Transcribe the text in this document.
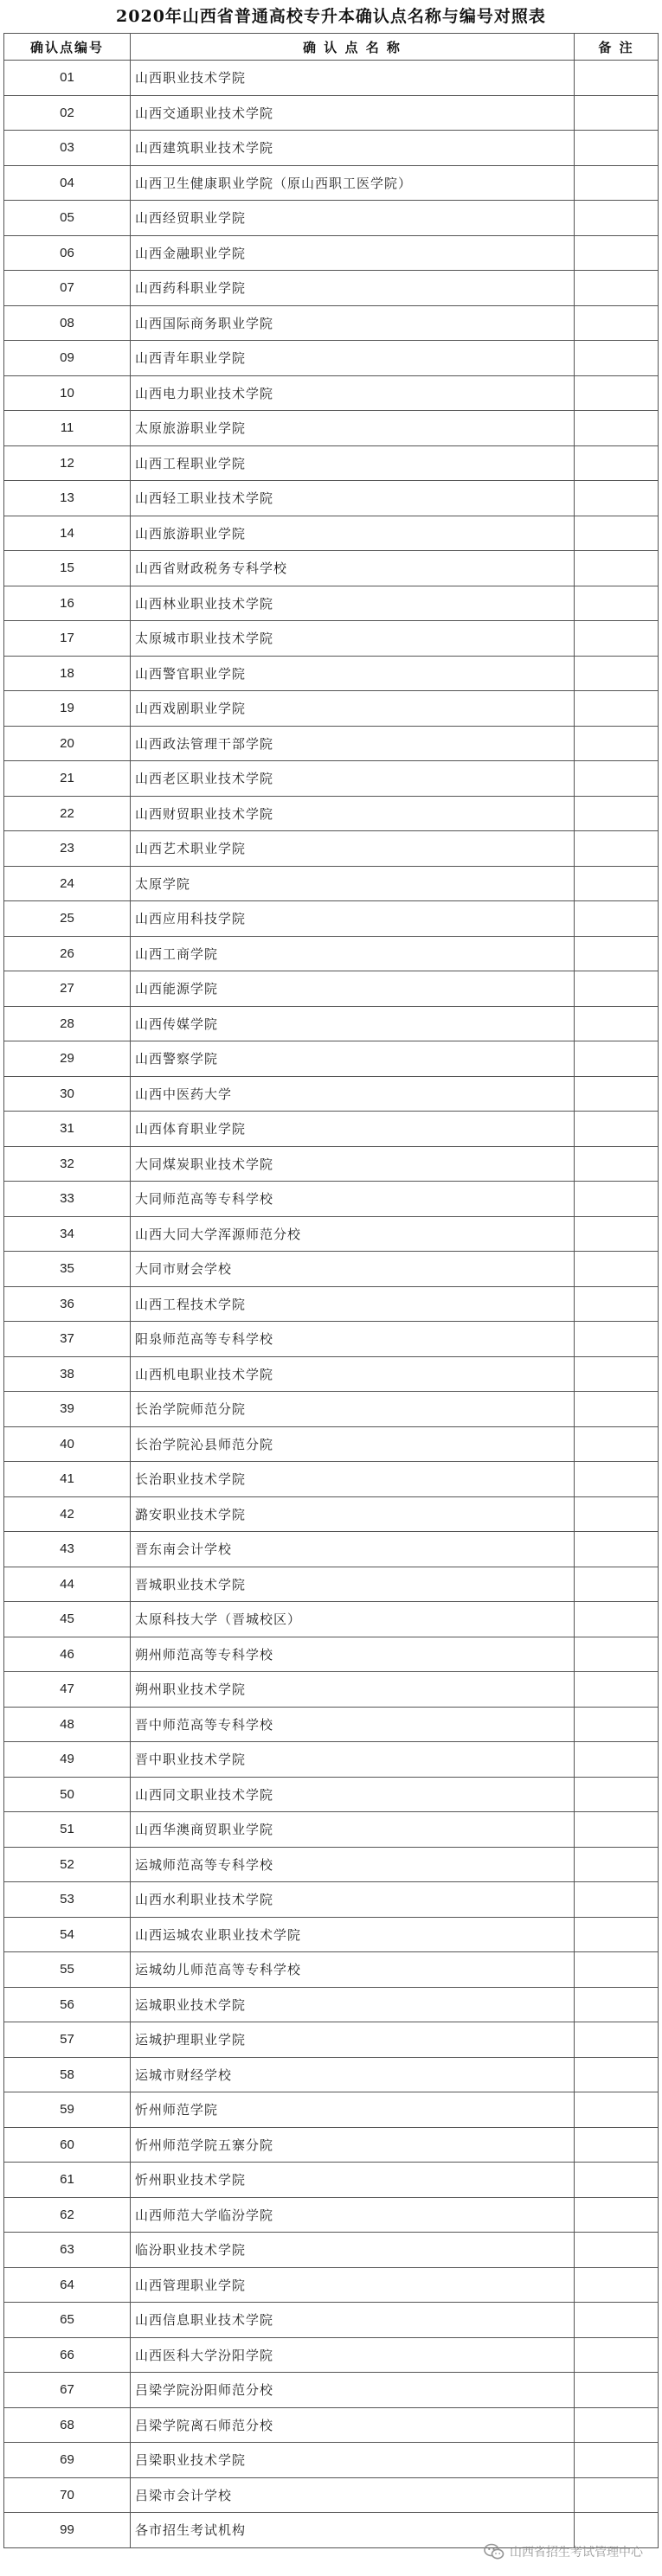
2020年山西省普通高校专升本确认点名称与编号对照表
确认点编号	确 认 点 名 称	备 注
01	山西职业技术学院	
02	山西交通职业技术学院	
03	山西建筑职业技术学院	
04	山西卫生健康职业学院（原山西职工医学院）	
05	山西经贸职业学院	
06	山西金融职业学院	
07	山西药科职业学院	
08	山西国际商务职业学院	
09	山西青年职业学院	
10	山西电力职业技术学院	
11	太原旅游职业学院	
12	山西工程职业学院	
13	山西轻工职业技术学院	
14	山西旅游职业学院	
15	山西省财政税务专科学校	
16	山西林业职业技术学院	
17	太原城市职业技术学院	
18	山西警官职业学院	
19	山西戏剧职业学院	
20	山西政法管理干部学院	
21	山西老区职业技术学院	
22	山西财贸职业技术学院	
23	山西艺术职业学院	
24	太原学院	
25	山西应用科技学院	
26	山西工商学院	
27	山西能源学院	
28	山西传媒学院	
29	山西警察学院	
30	山西中医药大学	
31	山西体育职业学院	
32	大同煤炭职业技术学院	
33	大同师范高等专科学校	
34	山西大同大学浑源师范分校	
35	大同市财会学校	
36	山西工程技术学院	
37	阳泉师范高等专科学校	
38	山西机电职业技术学院	
39	长治学院师范分院	
40	长治学院沁县师范分院	
41	长治职业技术学院	
42	潞安职业技术学院	
43	晋东南会计学校	
44	晋城职业技术学院	
45	太原科技大学（晋城校区）	
46	朔州师范高等专科学校	
47	朔州职业技术学院	
48	晋中师范高等专科学校	
49	晋中职业技术学院	
50	山西同文职业技术学院	
51	山西华澳商贸职业学院	
52	运城师范高等专科学校	
53	山西水利职业技术学院	
54	山西运城农业职业技术学院	
55	运城幼儿师范高等专科学校	
56	运城职业技术学院	
57	运城护理职业学院	
58	运城市财经学校	
59	忻州师范学院	
60	忻州师范学院五寨分院	
61	忻州职业技术学院	
62	山西师范大学临汾学院	
63	临汾职业技术学院	
64	山西管理职业学院	
65	山西信息职业技术学院	
66	山西医科大学汾阳学院	
67	吕梁学院汾阳师范分校	
68	吕梁学院离石师范分校	
69	吕梁职业技术学院	
70	吕梁市会计学校	
99	各市招生考试机构	
山西省招生考试管理中心
